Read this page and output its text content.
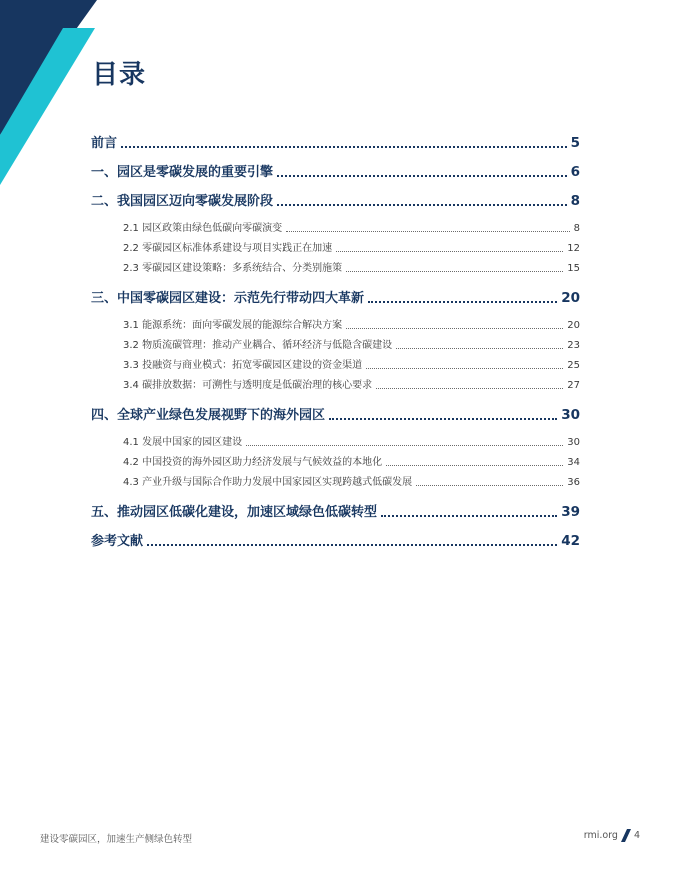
目录
前言	5
一、园区是零碳发展的重要引擎	6
二、我国园区迈向零碳发展阶段	8
2.1 园区政策由绿色低碳向零碳演变	8
2.2 零碳园区标准体系建设与项目实践正在加速	12
2.3 零碳园区建设策略：多系统结合、分类别施策	15
三、中国零碳园区建设：示范先行带动四大革新	20
3.1 能源系统：面向零碳发展的能源综合解决方案	20
3.2 物质流碳管理：推动产业耦合、循环经济与低隐含碳建设	23
3.3 投融资与商业模式：拓宽零碳园区建设的资金渠道	25
3.4 碳排放数据：可溯性与透明度是低碳治理的核心要求	27
四、全球产业绿色发展视野下的海外园区	30
4.1 发展中国家的园区建设	30
4.2 中国投资的海外园区助力经济发展与气候效益的本地化	34
4.3 产业升级与国际合作助力发展中国家园区实现跨越式低碳发展	36
五、推动园区低碳化建设，加速区域绿色低碳转型	39
参考文献	42
建设零碳园区，加速生产侧绿色转型	rmi.org 4
